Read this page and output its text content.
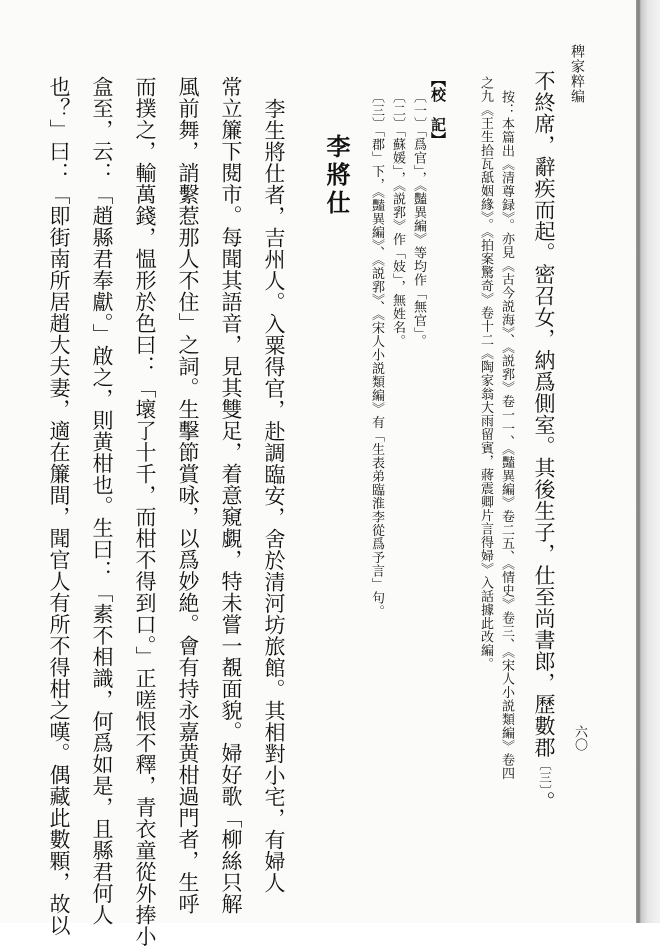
稗家粹编
六〇
不終席，辭疾而起。密召女，納爲側室。其後生子，仕至尚書郎，歷數郡〔三〕。
按：本篇出《清尊録》。亦見《古今説海》、《説郛》卷一一、《豔異編》卷二五、《情史》卷三、《宋人小説類編》卷四
之九《王生拾瓦舐姻緣》。《拍案驚奇》卷十二《陶家翁大雨留賓，蔣震卿片言得婦》入話據此改編。
【校　記】
〔一〕「爲官」，《豔異編》等均作「無官」。
〔二〕「蘇媛」，《説郛》作「妓」，無姓名。
〔三〕「郡」下，《豔異編》、《説郛》、《宋人小説類編》有「生表弟臨淮李從爲予言」句。
李將仕
李生將仕者，吉州人。入粟得官，赴調臨安，舍於清河坊旅館。其相對小宅，有婦人
常立簾下閱市。每聞其語音，見其雙足，着意窺覷，特未嘗一覩面貌。婦好歌「柳絲只解
風前舞，誚繫惹那人不住」之詞。生擊節賞咏，以爲妙絶。會有持永嘉黄柑過門者，生呼
而撲之，輸萬錢，愠形於色曰：「壞了十千，而柑不得到口。」正嗟恨不釋，青衣童從外捧小
盒至，云：「趙縣君奉獻。」啟之，則黄柑也。生曰：「素不相識，何爲如是，且縣君何人
也？」曰：「即街南所居趙大夫妻，適在簾間，聞官人有所不得柑之嘆。偶藏此數顆，故以
